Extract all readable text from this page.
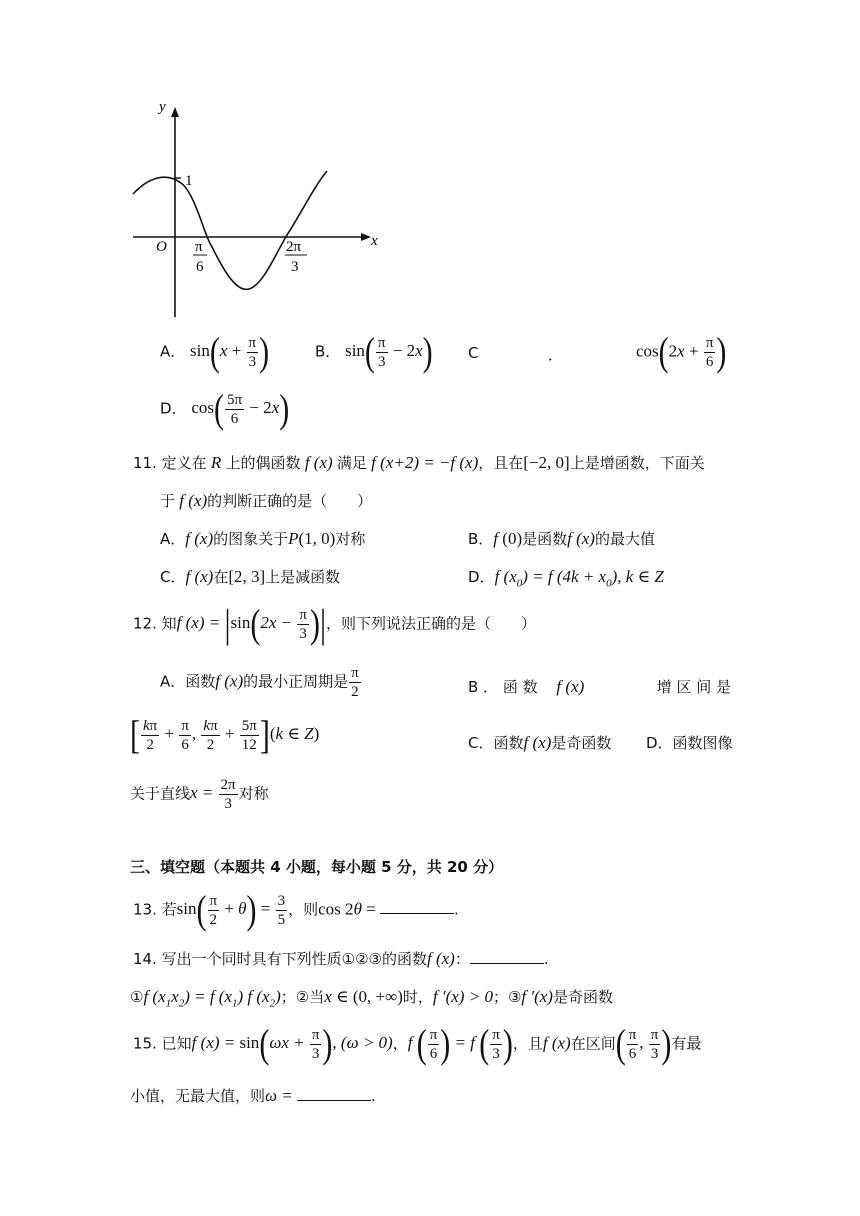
y
x
1
O π
6
2π
3
A． $\sin(x + \frac{\pi}{3}$ )	B． $\sin( \frac{\pi}{3} - 2x)$ C	．	$\cos(2x + \frac{\pi}{6}$ )
D． $\cos( \frac{5\pi}{6} - 2x)$
11. 定义在 R 上的偶函数 f (x) 满足 f (x+2) = −f (x)，且在[−2, 0]上是增函数，下面关
于 f (x)的判断正确的是（　　）
A．f (x)的图象关于P(1, 0)对称	B．f (0)是函数f (x)的最大值
C．f (x)在[2, 3]上是减函数	D．f $(x_0) = f$ $(4k + x_0)$, k ∈ Z
12. 知f $(x) = |\sin(2x - \frac{\pi}{3}$ )|，则下列说法正确的是（　　）
A．函数f (x)的最小正周期是 $\frac{\pi}{2}$	B ． 函 数 f (x)	增 区 间 是
[ $\frac{k\pi}{2} + \frac{\pi}{6}$ , $\frac{k\pi}{2} + \frac{5\pi}{12} ](k$ ∈ Z)	C．函数f (x)是奇函数 D．函数图像
关于直线$x = \frac{2\pi}{3}$ 对称
三、填空题（本题共 4 小题，每小题 5 分，共 20 分）
13. 若$\sin( \frac{\pi}{2} + \theta) = \frac{3}{5}$ ，则cos 2θ =	.
14. 写出一个同时具有下列性质①②③的函数f (x)：	.
①f $(x_1x_2) = f$ $(x_1)$ f $(x_2)$；②当x ∈ (0, +∞)时，f ′(x) > 0；③f ′(x)是奇函数
15. 已知f $(x) = \sin(\omega x + \frac{\pi}{3}$ ), (ω > 0)，f ( $\frac{\pi}{6}$ ) = f ( $\frac{\pi}{3}$ )，且f (x)在区间( $\frac{\pi}{6}$ , $\frac{\pi}{3}$ )有最
小值，无最大值，则ω =	.
